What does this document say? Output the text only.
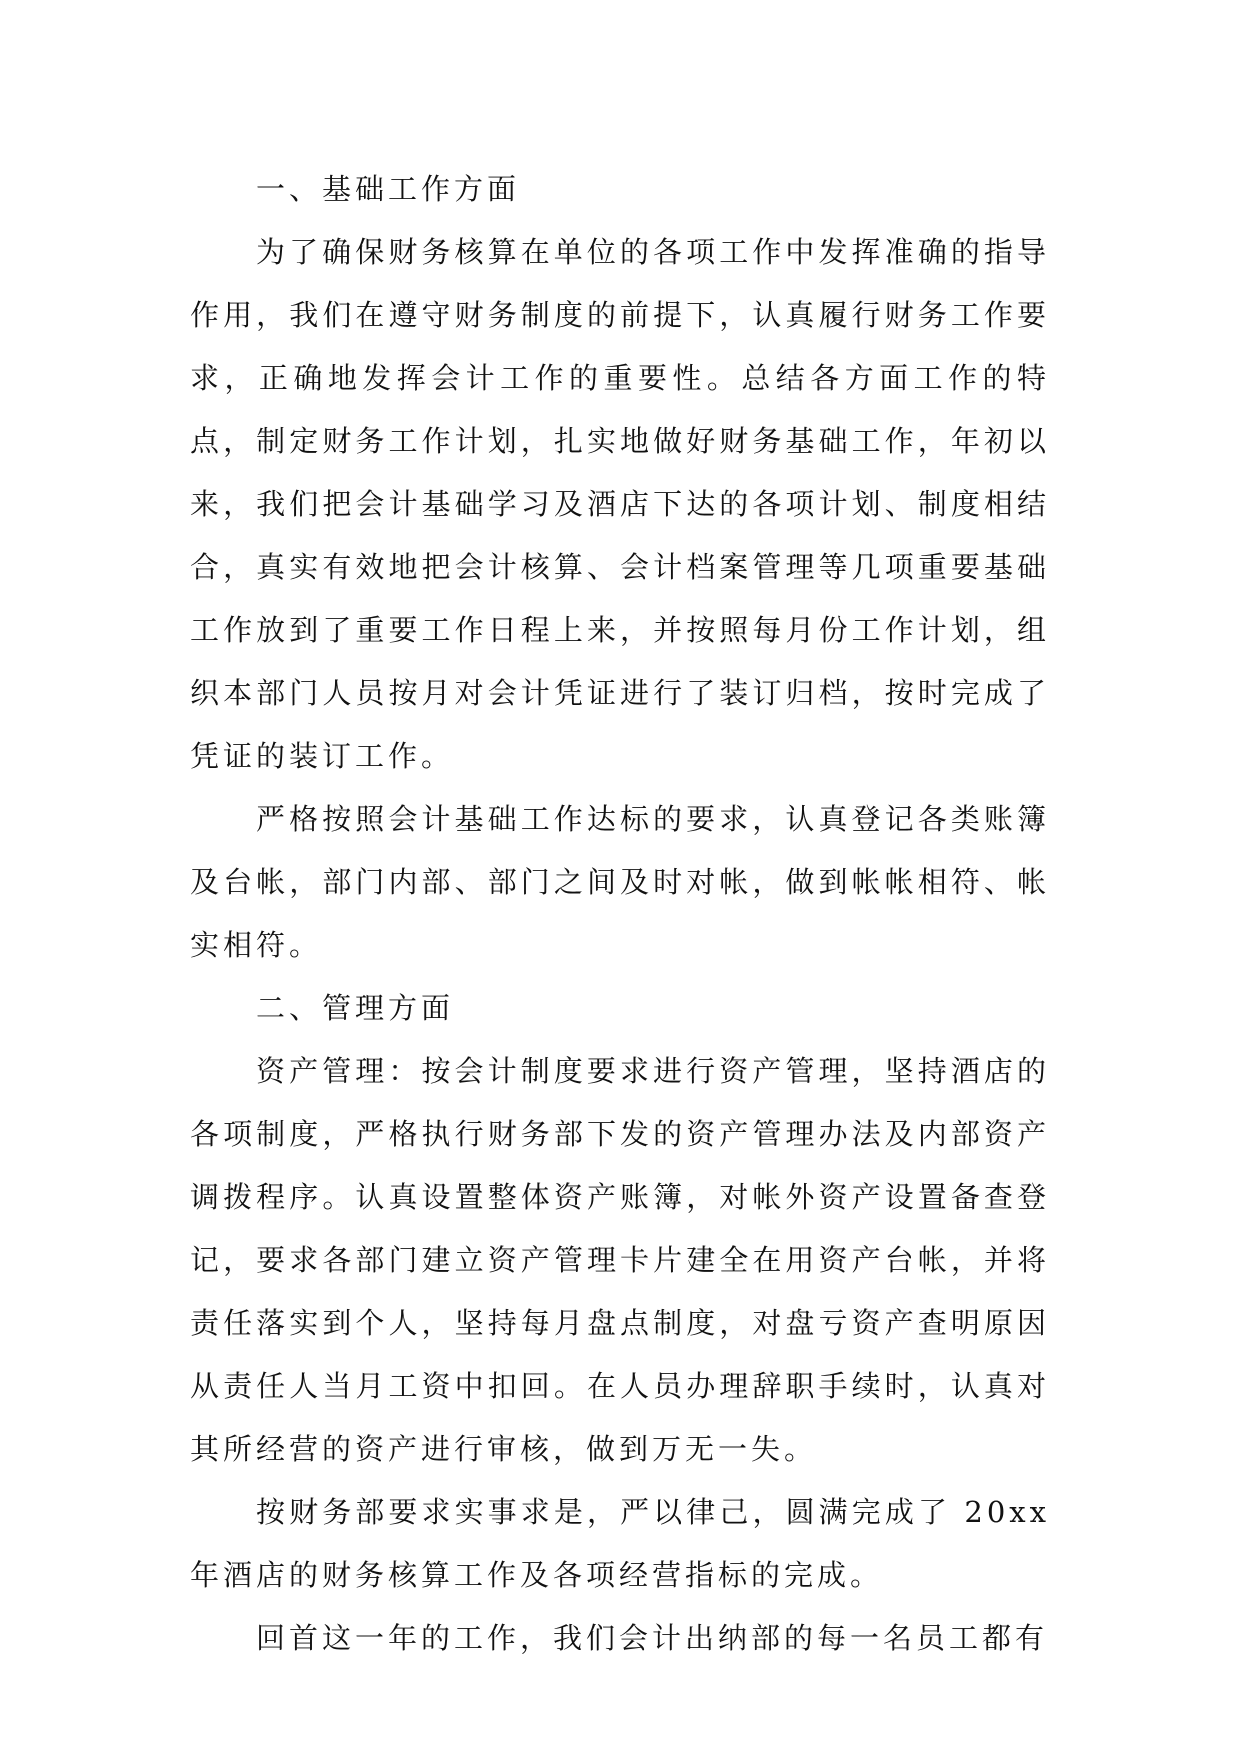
一、基础工作方面

为了确保财务核算在单位的各项工作中发挥准确的指导作用，我们在遵守财务制度的前提下，认真履行财务工作要求，正确地发挥会计工作的重要性。总结各方面工作的特点，制定财务工作计划，扎实地做好财务基础工作，年初以来，我们把会计基础学习及酒店下达的各项计划、制度相结合，真实有效地把会计核算、会计档案管理等几项重要基础工作放到了重要工作日程上来，并按照每月份工作计划，组织本部门人员按月对会计凭证进行了装订归档，按时完成了凭证的装订工作。

严格按照会计基础工作达标的要求，认真登记各类账簿及台帐，部门内部、部门之间及时对帐，做到帐帐相符、帐实相符。

二、管理方面

资产管理：按会计制度要求进行资产管理，坚持酒店的各项制度，严格执行财务部下发的资产管理办法及内部资产调拨程序。认真设置整体资产账簿，对帐外资产设置备查登记，要求各部门建立资产管理卡片建全在用资产台帐，并将责任落实到个人，坚持每月盘点制度，对盘亏资产查明原因从责任人当月工资中扣回。在人员办理辞职手续时，认真对其所经营的资产进行审核，做到万无一失。

按财务部要求实事求是，严以律己，圆满完成了 20xx 年酒店的财务核算工作及各项经营指标的完成。

回首这一年的工作，我们会计出纳部的每一名员工都有
